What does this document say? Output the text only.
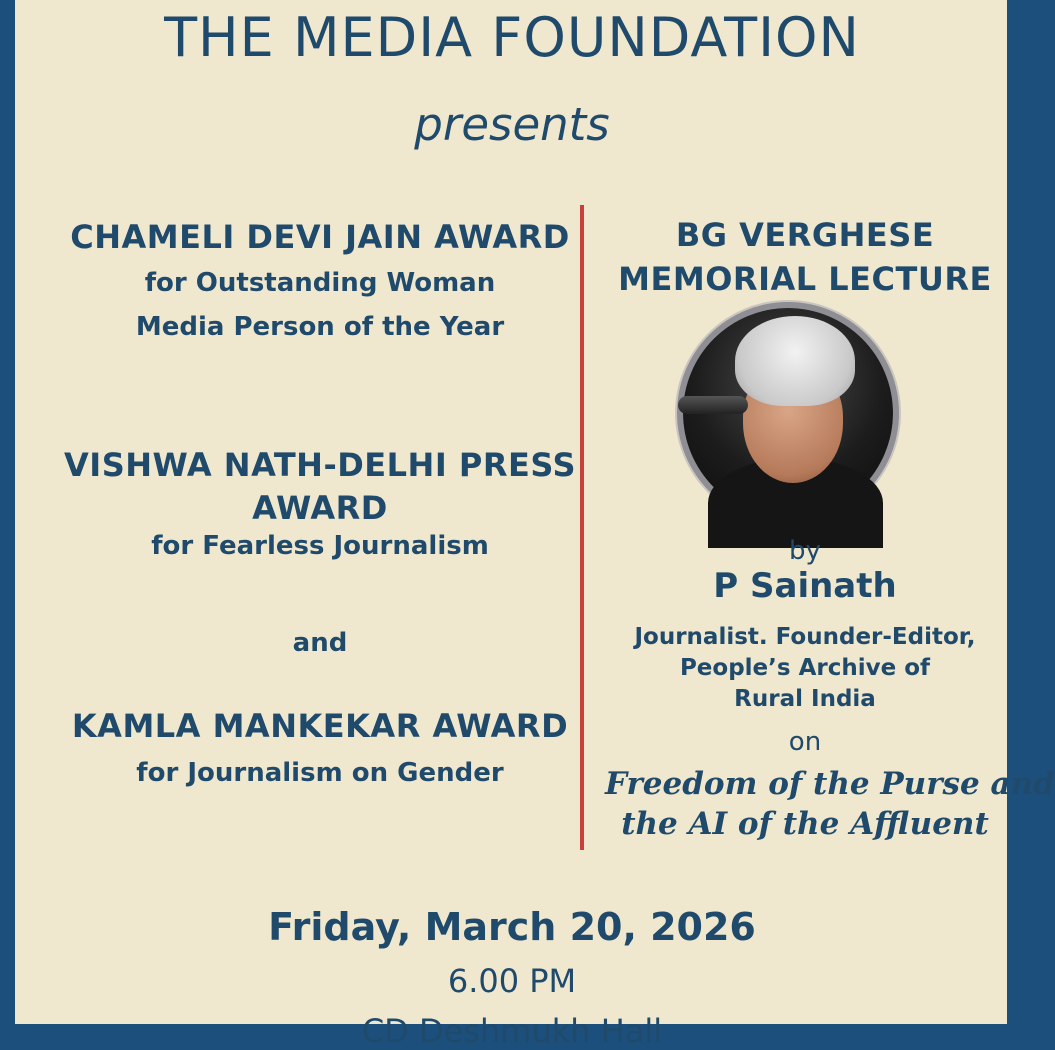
THE MEDIA FOUNDATION
presents
CHAMELI DEVI JAIN AWARD
for Outstanding Woman
Media Person of the Year
VISHWA NATH-DELHI PRESS
AWARD
for Fearless Journalism
and
KAMLA MANKEKAR AWARD
for Journalism on Gender
BG VERGHESE
MEMORIAL LECTURE
by
P Sainath
Journalist. Founder-Editor,
People’s Archive of
Rural India
on
Freedom of the Purse and
the AI of the Affluent
Friday, March 20, 2026
6.00 PM
CD Deshmukh Hall
